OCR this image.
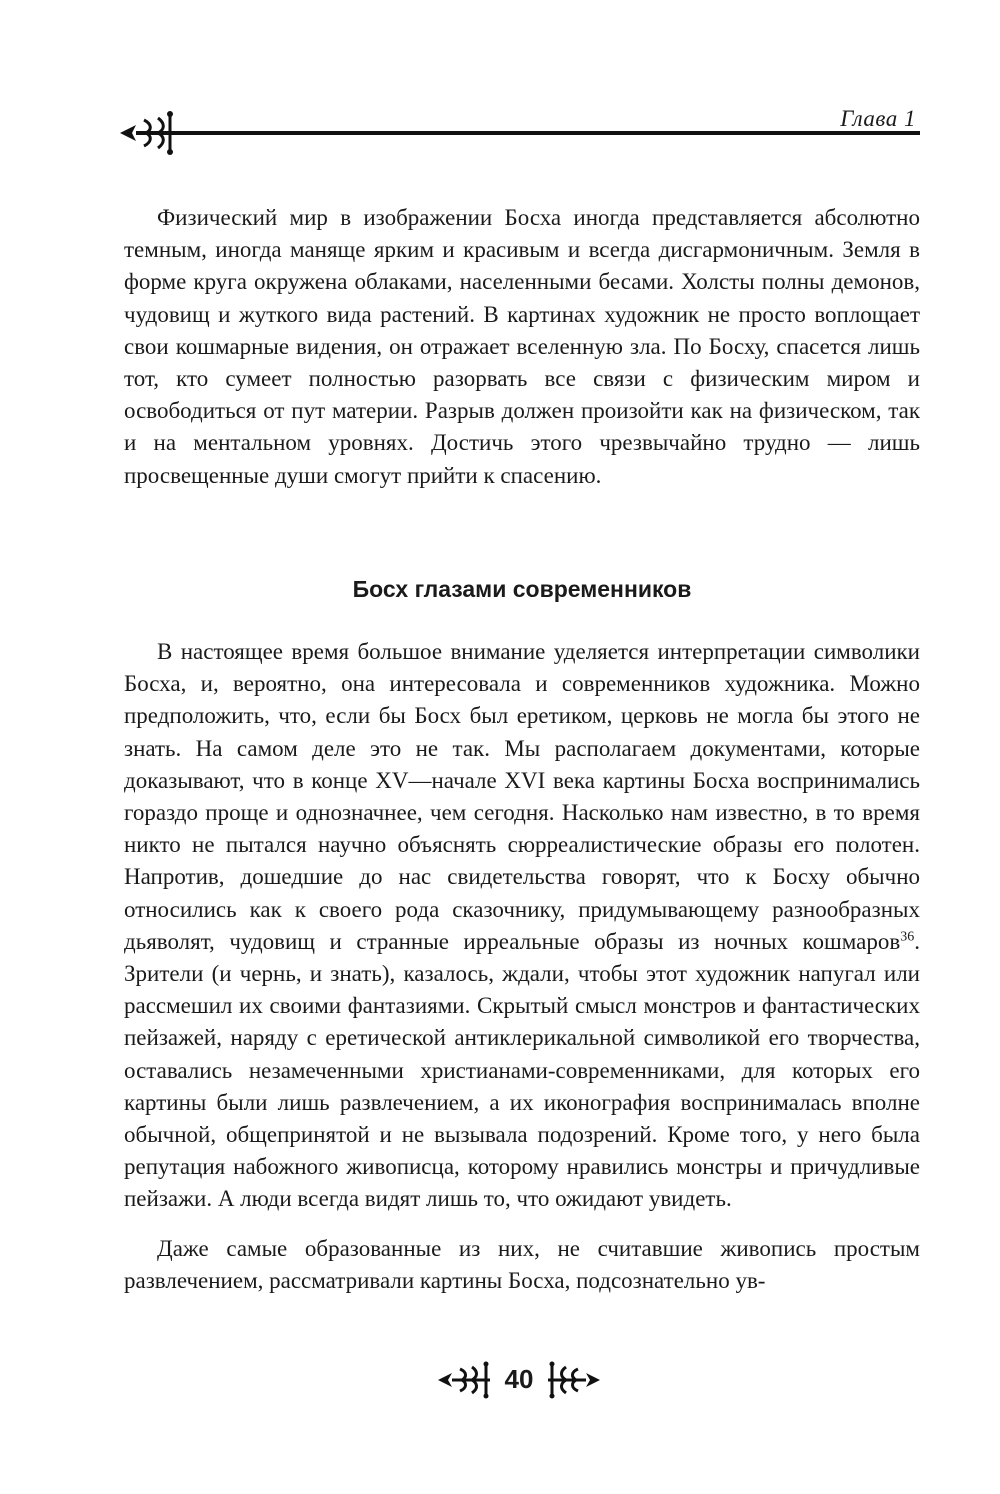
Глава 1

Физический мир в изображении Босха иногда представляется абсолютно темным, иногда маняще ярким и красивым и всегда дисгармоничным. Земля в форме круга окружена облаками, населенными бесами. Холсты полны демонов, чудовищ и жуткого вида растений. В картинах художник не просто воплощает свои кошмарные видения, он отражает вселенную зла. По Босху, спасется лишь тот, кто сумеет полностью разорвать все связи с физическим миром и освободиться от пут материи. Разрыв должен произойти как на физическом, так и на ментальном уровнях. Достичь этого чрезвычайно трудно — лишь просвещенные души смогут прийти к спасению.

Босх глазами современников

В настоящее время большое внимание уделяется интерпретации символики Босха, и, вероятно, она интересовала и современников художника. Можно предположить, что, если бы Босх был еретиком, церковь не могла бы этого не знать. На самом деле это не так. Мы располагаем документами, которые доказывают, что в конце XV—начале XVI века картины Босха воспринимались гораздо проще и однозначнее, чем сегодня. Насколько нам известно, в то время никто не пытался научно объяснять сюрреалистические образы его полотен. Напротив, дошедшие до нас свидетельства говорят, что к Босху обычно относились как к своего рода сказочнику, придумывающему разнообразных дьяволят, чудовищ и странные ирреальные образы из ночных кошмаров$^{36}$. Зрители (и чернь, и знать), казалось, ждали, чтобы этот художник напугал или рассмешил их своими фантазиями. Скрытый смысл монстров и фантастических пейзажей, наряду с еретической антиклерикальной символикой его творчества, оставались незамеченными христианами-современниками, для которых его картины были лишь развлечением, а их иконография воспринималась вполне обычной, общепринятой и не вызывала подозрений. Кроме того, у него была репутация набожного живописца, которому нравились монстры и причудливые пейзажи. А люди всегда видят лишь то, что ожидают увидеть.

Даже самые образованные из них, не считавшие живопись простым развлечением, рассматривали картины Босха, подсознательно ув-

40
